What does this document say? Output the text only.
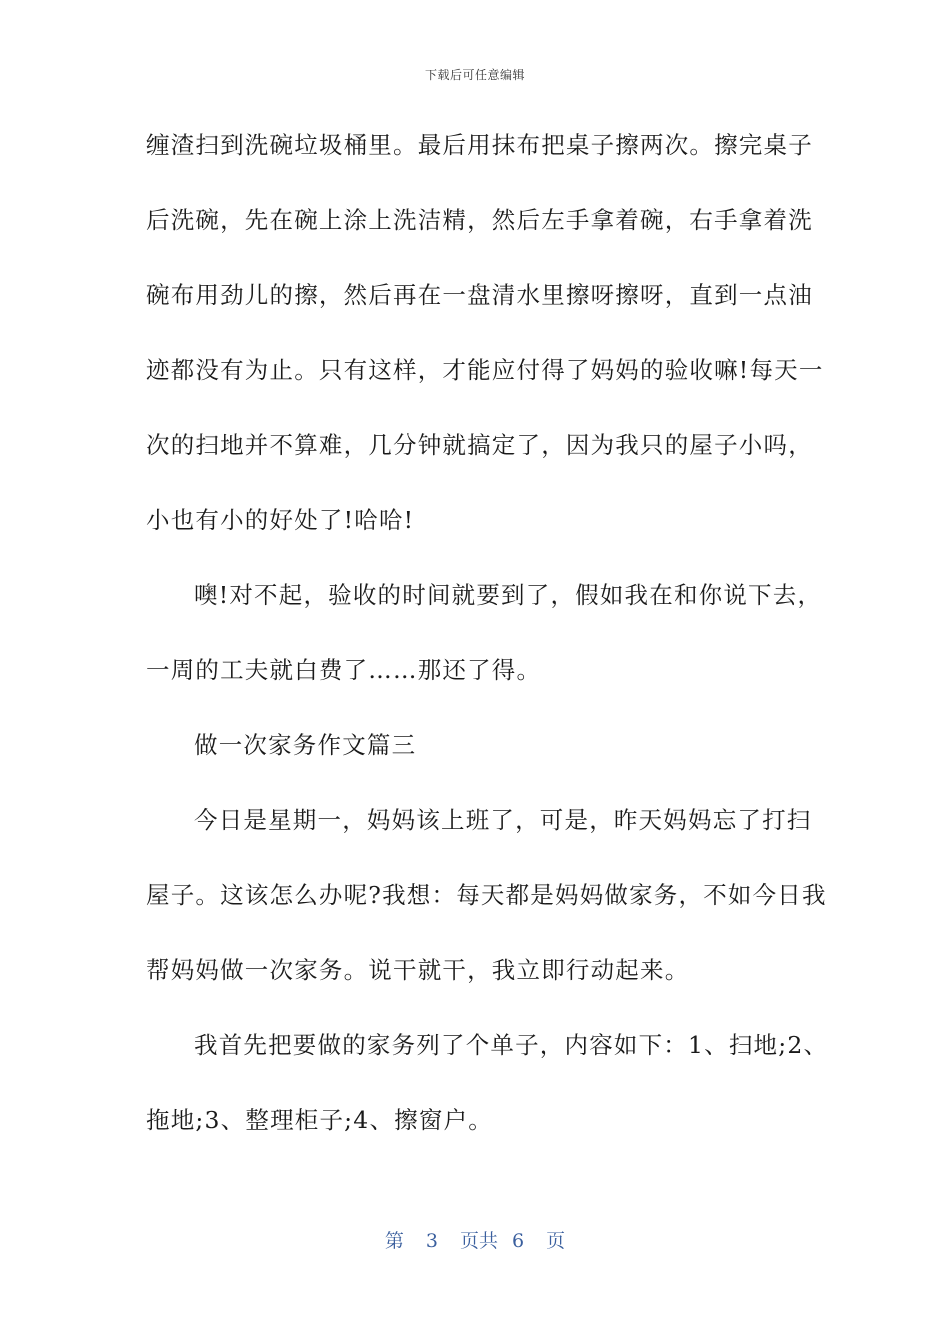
下载后可任意编辑
缠渣扫到洗碗垃圾桶里。最后用抹布把桌子擦两次。擦完桌子
后洗碗，先在碗上涂上洗洁精，然后左手拿着碗，右手拿着洗
碗布用劲儿的擦，然后再在一盘清水里擦呀擦呀，直到一点油
迹都没有为止。只有这样，才能应付得了妈妈的验收嘛!每天一
次的扫地并不算难，几分钟就搞定了，因为我只的屋子小吗，
小也有小的好处了!哈哈!
噢!对不起，验收的时间就要到了，假如我在和你说下去，
一周的工夫就白费了……那还了得。
做一次家务作文篇三
今日是星期一，妈妈该上班了，可是，昨天妈妈忘了打扫
屋子。这该怎么办呢?我想：每天都是妈妈做家务，不如今日我
帮妈妈做一次家务。说干就干，我立即行动起来。
我首先把要做的家务列了个单子，内容如下：1、扫地;2、
拖地;3、整理柜子;4、擦窗户。
第 3 页共 6 页
